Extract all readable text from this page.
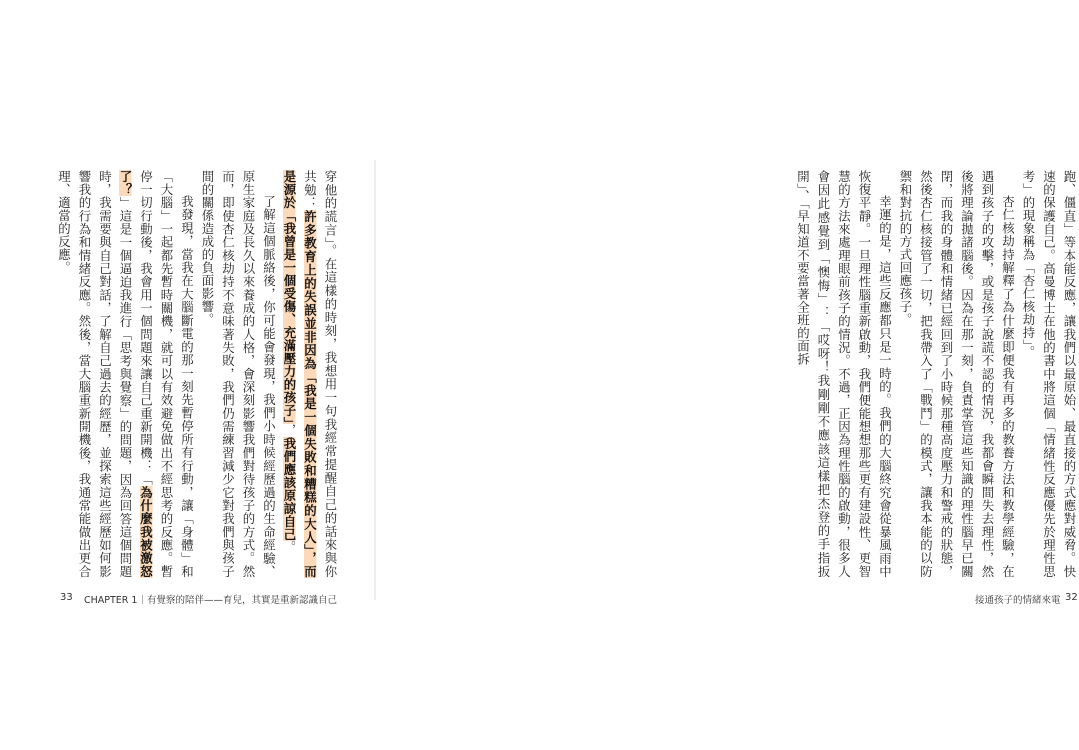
穿他的謊言」。在這樣的時刻，我想用一句我經常提醒自己的話來與你共勉：許多教育上的失誤並非因為「我是一個失敗和糟糕的大人」，而是源於「我曾是一個受傷、充滿壓力的孩子」，我們應該原諒自己。

了解這個脈絡後，你可能會發現，我們小時候經歷過的生命經驗、原生家庭及長久以來養成的人格，會深刻影響我們對待孩子的方式。然而，即使杏仁核劫持不意味著失敗，我們仍需練習減少它對我們與孩子間的關係造成的負面影響。

我發現，當我在大腦斷電的那一刻先暫停所有行動，讓「身體」和「大腦」一起都先暫時關機，就可以有效避免做出不經思考的反應。暫停一切行動後，我會用一個問題來讓自己重新開機：「為什麼我被激怒了？」這是一個逼迫我進行「思考與覺察」的問題，因為回答這個問題時，我需要與自己對話，了解自己過去的經歷，並探索這些經歷如何影響我的行為和情緒反應。然後，當大腦重新開機後，我通常能做出更合理、適當的反應。

33 CHAPTER 1｜有覺察的陪伴——育兒，其實是重新認識自己

跑、僵直」等本能反應，讓我們以最原始、最直接的方式應對威脅。快速的保護自己。高曼博士在他的書中將這個「情緒性反應優先於理性思考」的現象稱為「杏仁核劫持」。

杏仁核劫持解釋了為什麼即便我有再多的教養方法和教學經驗，在遇到孩子的攻擊，或是孩子說謊不認的情況，我都會瞬間失去理性，然後將理論拋諸腦後。因為在那一刻，負責掌管這些知識的理性腦早已關閉，而我的身體和情緒已經回到了小時候那種高度壓力和警戒的狀態，然後杏仁核接管了一切，把我帶入了「戰鬥」的模式，讓我本能的以防禦和對抗的方式回應孩子。

幸運的是，這些反應都只是一時的。我們的大腦終究會從暴風雨中恢復平靜。一旦理性腦重新啟動，我們便能想想那些更有建設性、更智慧的方法來處理眼前孩子的情況。不過，正因為理性腦的啟動，很多人會因此感覺到「懊悔」：「哎呀！我剛剛不應該這樣把杰登的手指扳開」、「早知道不要當著全班的面拆

接通孩子的情緒來電 32
